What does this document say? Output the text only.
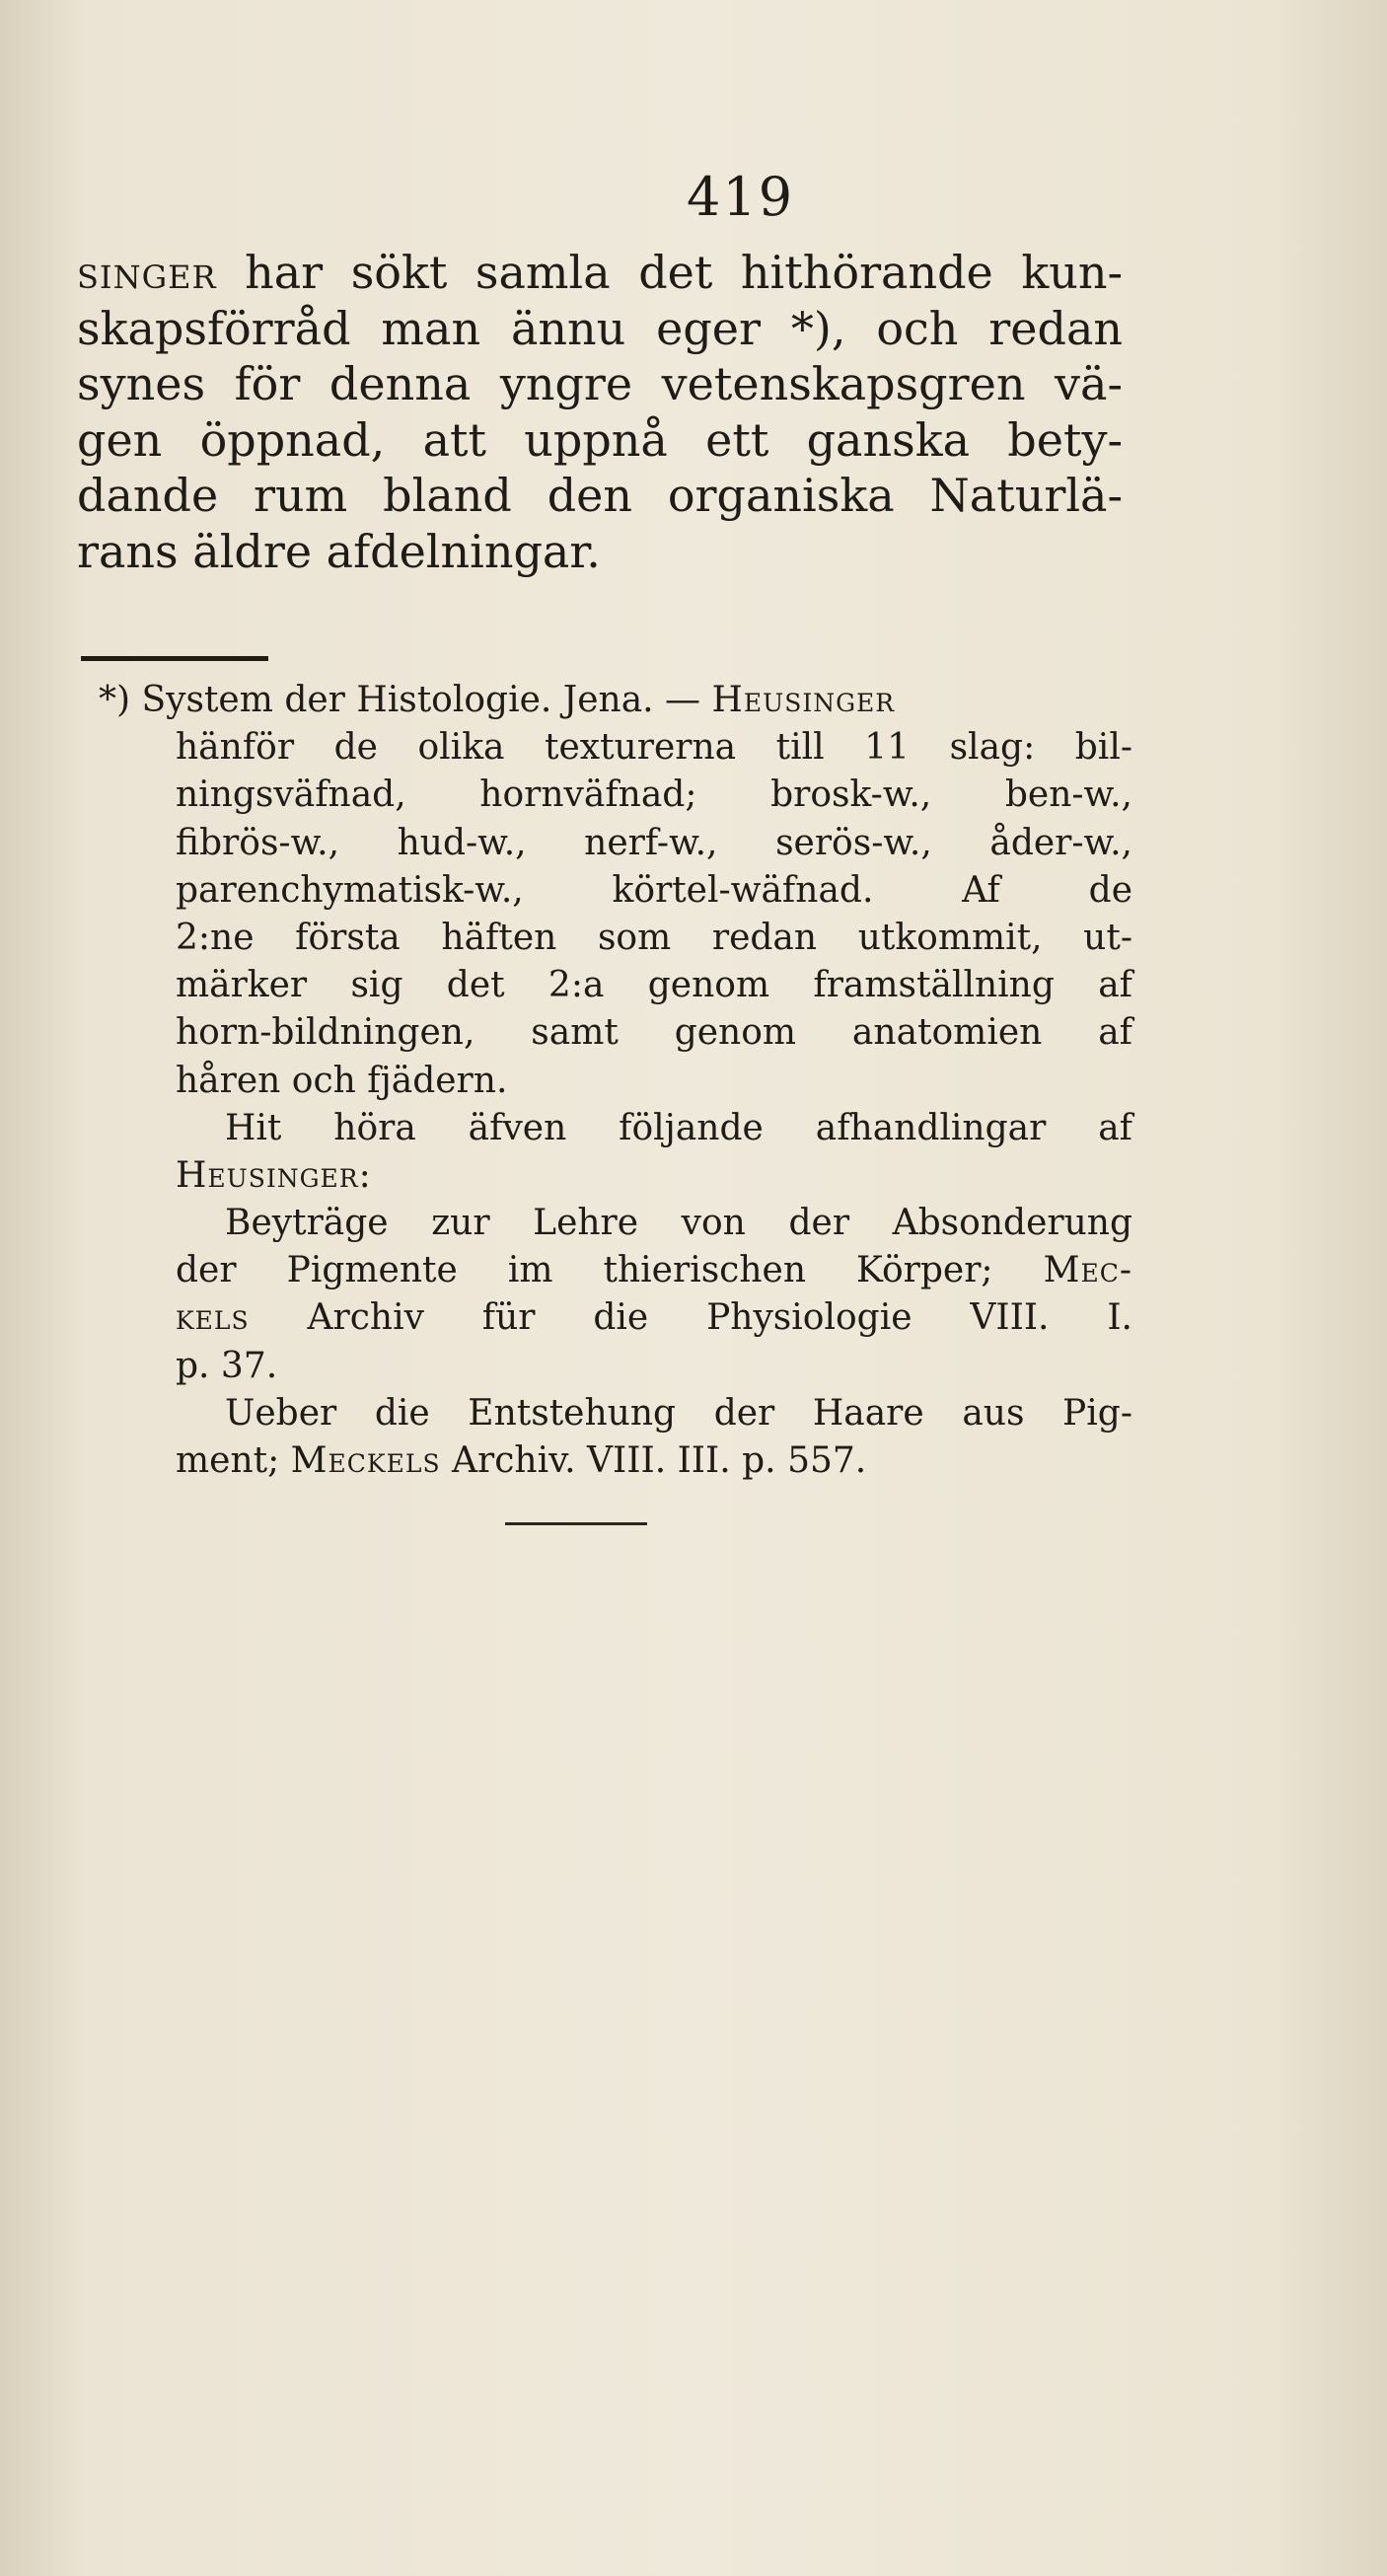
419
singer har sökt samla det hithörande kun-
skapsförråd man ännu eger *), och redan
synes för denna yngre vetenskapsgren vä-
gen öppnad, att uppnå ett ganska bety-
dande rum bland den organiska Naturlä-
rans äldre afdelningar.
*) System der Histologie. Jena. — Heusinger
hänför de olika texturerna till 11 slag: bil-
ningsväfnad, hornväfnad; brosk-w., ben-w.,
fibrös-w., hud-w., nerf-w., serös-w., åder-w.,
parenchymatisk-w., körtel-wäfnad. Af de
2:ne första häften som redan utkommit, ut-
märker sig det 2:a genom framställning af
horn-bildningen, samt genom anatomien af
håren och fjädern.
Hit höra äfven följande afhandlingar af
Heusinger:
Beyträge zur Lehre von der Absonderung
der Pigmente im thierischen Körper; Mec-
kels Archiv für die Physiologie VIII. I.
p. 37.
Ueber die Entstehung der Haare aus Pig-
ment; Meckels Archiv. VIII. III. p. 557.
